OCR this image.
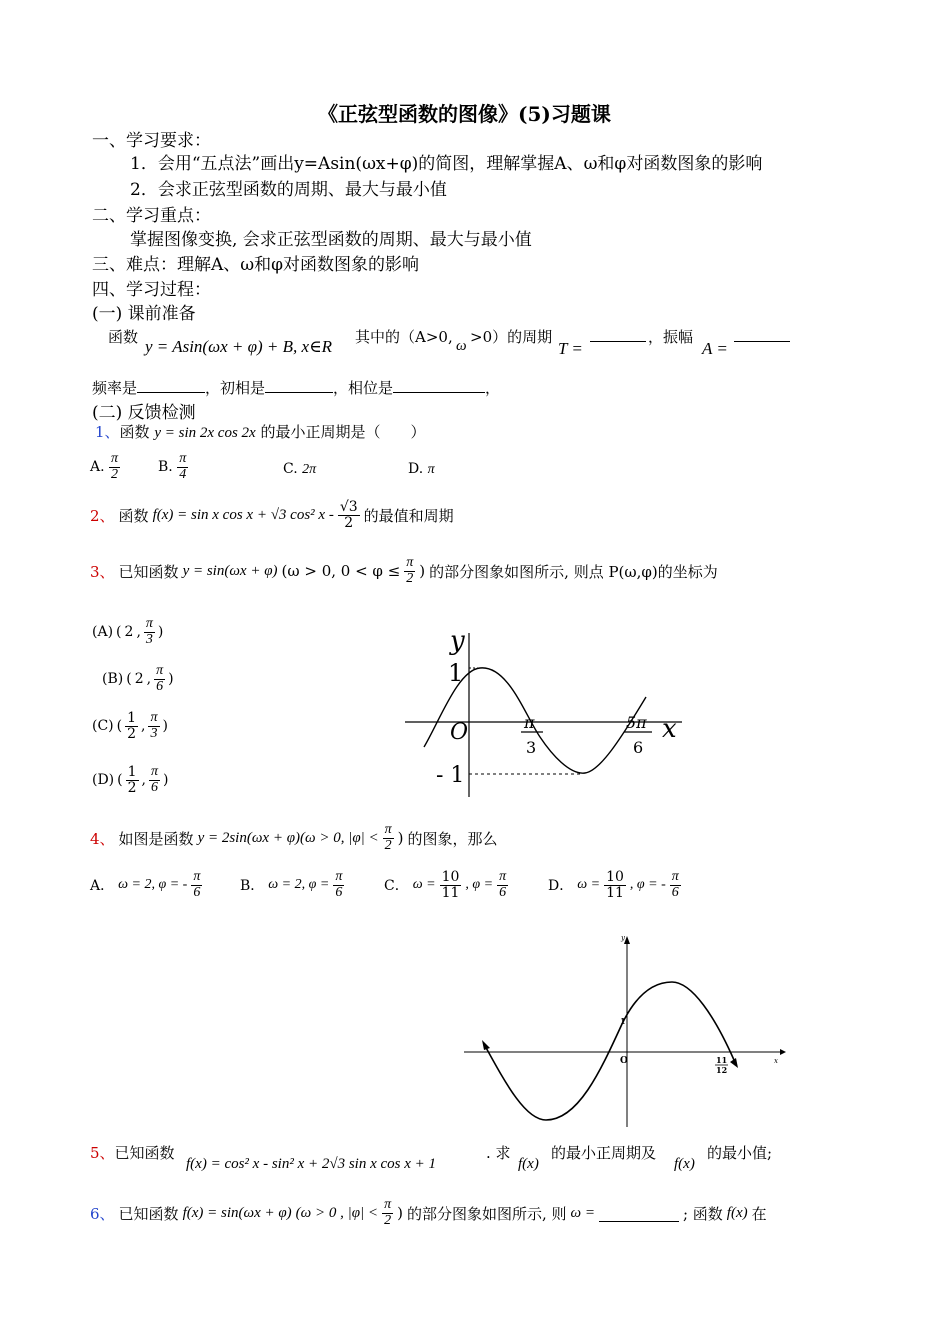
《正弦型函数的图像》(5)习题课
一、学习要求：
1．会用“五点法”画出y=Asin(ωx+φ)的简图，理解掌握A、ω和φ对函数图象的影响
2．会求正弦型函数的周期、最大与最小值
二、学习重点：
掌握图像变换, 会求正弦型函数的周期、最大与最小值
三、难点：理解A、ω和φ对函数图象的影响
四、学习过程：
(一) 课前准备
函数 y = Asin(ωx + φ) + B, x∈R 其中的（A>0, ω >0）的周期
T =
，振幅
A =
频率是	，初相是	，相位是	，
(二) 反馈检测
1、函数 y = sin 2x cos 2x 的最小正周期是（　　）
A. $\frac{\pi}{2}$	B. $\frac{\pi}{4}$	C. 2π	D. π
2、 函数 f(x) = sin x cos x + √3 cos² x - $\frac{√3}{2}$ 的最值和周期
3、 已知函数 y = sin(ωx + φ) (ω > 0, $0 < \varphi \le \frac{\pi}{2}$ ) 的部分图象如图所示, 则点 P(ω,φ)的坐标为
(A) ( 2 , $\frac{\pi}{3}$ )
(B) ( 2 , $\frac{\pi}{6}$ )
(C) ( $\frac{1}{2}$ , $\frac{\pi}{3}$ )
(D) ( $\frac{1}{2}$ , $\frac{\pi}{6}$ )
y
x
O
1
- 1
π
3
5π
6
4、 如图是函数 y = 2sin(ωx + φ)(ω > 0, $|\varphi| < \frac{\pi}{2}$ ) 的图象，那么
A． ω = 2, φ = - $\frac{\pi}{6}$	B． ω = 2, $\varphi = \frac{\pi}{6}$	C． $\omega = \frac{10}{11}$ , $\varphi = \frac{\pi}{6}$	D． $\omega = \frac{10}{11}$ , φ = - $\frac{\pi}{6}$
y
x
O
1
11
12
5、已知函数
f(x) = cos² x - sin² x + 2√3 sin x cos x + 1
. 求
f(x)
的最小正周期及
f(x)
的最小值;
6、 已知函数 f(x) = sin(ωx + φ) (ω > 0 , $|\varphi| < \frac{\pi}{2}$ ) 的部分图象如图所示, 则 ω =	; 函数 f(x) 在
